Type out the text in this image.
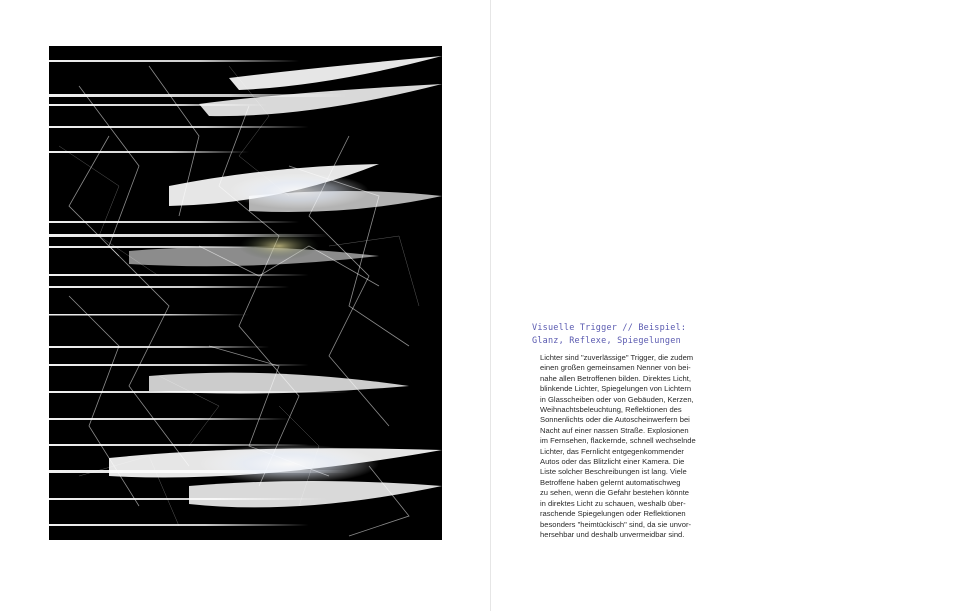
Visuelle Trigger // Beispiel:
Glanz, Reflexe, Spiegelungen
Lichter sind "zuverlässige" Trigger, die zudem
einen großen gemeinsamen Nenner von bei-
nahe allen Betroffenen bilden. Direktes Licht,
blinkende Lichter, Spiegelungen von Lichtern
in Glasscheiben oder von Gebäuden, Kerzen,
Weihnachtsbeleuchtung, Reflektionen des
Sonnenlichts oder die Autoscheinwerfern bei
Nacht auf einer nassen Straße. Explosionen
im Fernsehen, flackernde, schnell wechselnde
Lichter, das Fernlicht entgegenkommender
Autos oder das Blitzlicht einer Kamera. Die
Liste solcher Beschreibungen ist lang. Viele
Betroffene haben gelernt automatischweg
zu sehen, wenn die Gefahr bestehen könnte
in direktes Licht zu schauen, weshalb über-
raschende Spiegelungen oder Reflektionen
besonders "heimtückisch" sind, da sie unvor-
hersehbar und deshalb unvermeidbar sind.
